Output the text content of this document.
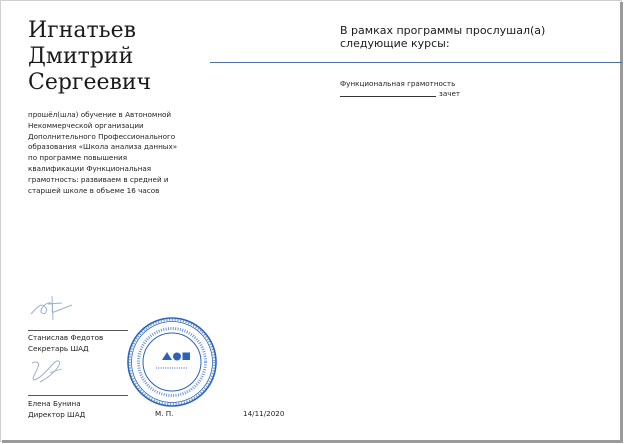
Игнатьев
Дмитрий
Сергеевич
прошёл(шла) обучение в Автономной Некоммерческой организации Дополнительного Профессионального образования «Школа анализа данных» по программе повышения квалификации Функциональная грамотность: развиваем в средней и старшей школе в объеме 16 часов
В рамках программы прослушал(а) следующие курсы:
Функциональная грамотность
зачет
Станислав Федотов
Секретарь ШАД
Елена Бунина
Директор ШАД	М. П.	14/11/2020
